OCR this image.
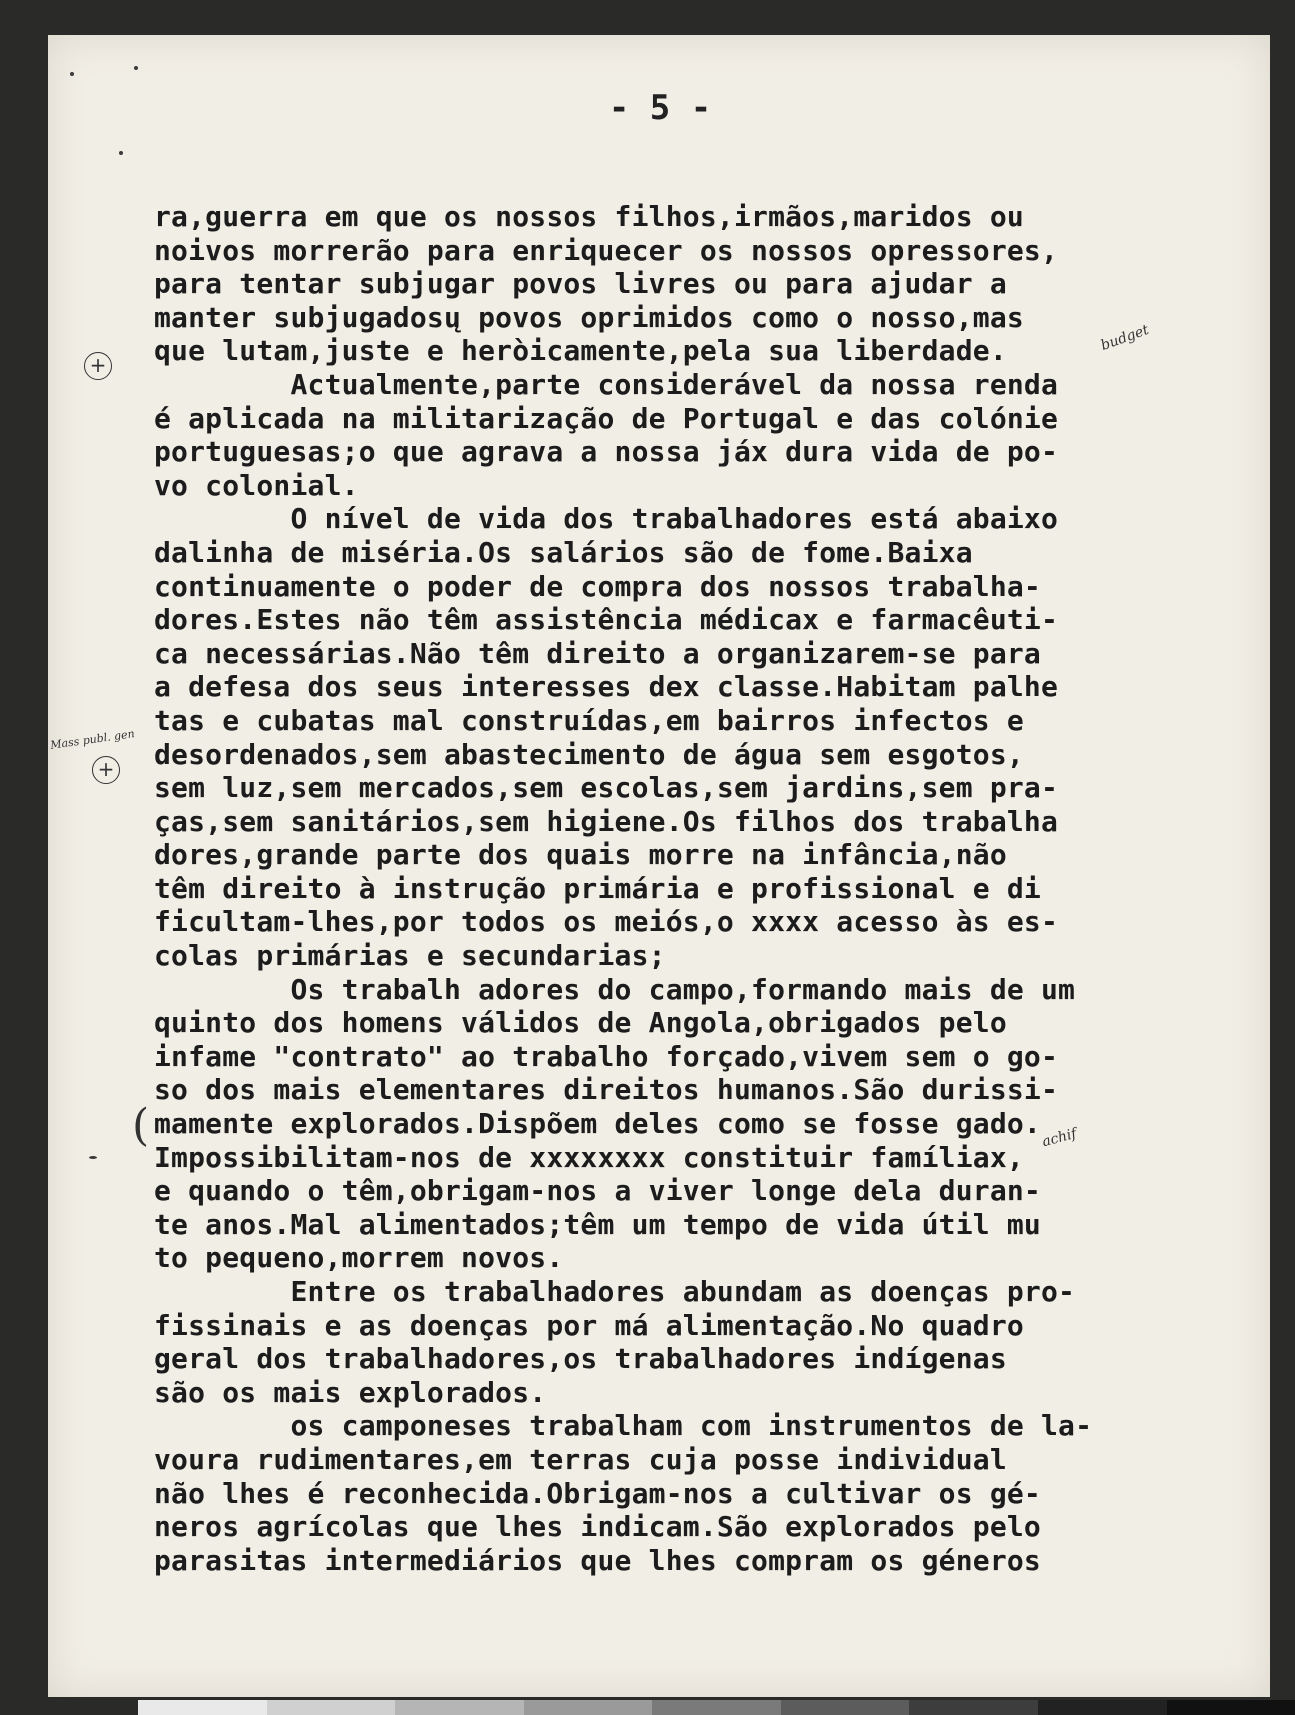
- 5 -
ra,guerra em que os nossos filhos,irmãos,maridos ou
noivos morrerão para enriquecer os nossos opressores,
para tentar subjugar povos livres ou para ajudar a
manter subjugadosų povos oprimidos como o nosso,mas
que lutam,juste e heròicamente,pela sua liberdade.
Actualmente,parte considerável da nossa renda
é aplicada na militarização de Portugal e das colónie
portuguesas;o que agrava a nossa jáx dura vida de po-
vo colonial.
O nível de vida dos trabalhadores está abaixo
dalinha de miséria.Os salários são de fome.Baixa
continuamente o poder de compra dos nossos trabalha-
dores.Estes não têm assistência médicax e farmacêuti-
ca necessárias.Não têm direito a organizarem-se para
a defesa dos seus interesses dex classe.Habitam palhe
tas e cubatas mal construídas,em bairros infectos e
desordenados,sem abastecimento de água sem esgotos,
sem luz,sem mercados,sem escolas,sem jardins,sem pra-
ças,sem sanitários,sem higiene.Os filhos dos trabalha
dores,grande parte dos quais morre na infância,não
têm direito à instrução primária e profissional e di
ficultam-lhes,por todos os meiós,o xxxx acesso às es-
colas primárias e secundarias;
Os trabalh adores do campo,formando mais de um
quinto dos homens válidos de Angola,obrigados pelo
infame "contrato" ao trabalho forçado,vivem sem o go-
so dos mais elementares direitos humanos.São durissi-
mamente explorados.Dispõem deles como se fosse gado.
Impossibilitam-nos de xxxxxxxx constituir famíliax,
e quando o têm,obrigam-nos a viver longe dela duran-
te anos.Mal alimentados;têm um tempo de vida útil mu
to pequeno,morrem novos.
Entre os trabalhadores abundam as doenças pro-
fissinais e as doenças por má alimentação.No quadro
geral dos trabalhadores,os trabalhadores indígenas
são os mais explorados.
os camponeses trabalham com instrumentos de la-
voura rudimentares,em terras cuja posse individual
não lhes é reconhecida.Obrigam-nos a cultivar os gé-
neros agrícolas que lhes indicam.São explorados pelo
parasitas intermediários que lhes compram os géneros
+
budget
Mass publ. gen
+
(	achif
